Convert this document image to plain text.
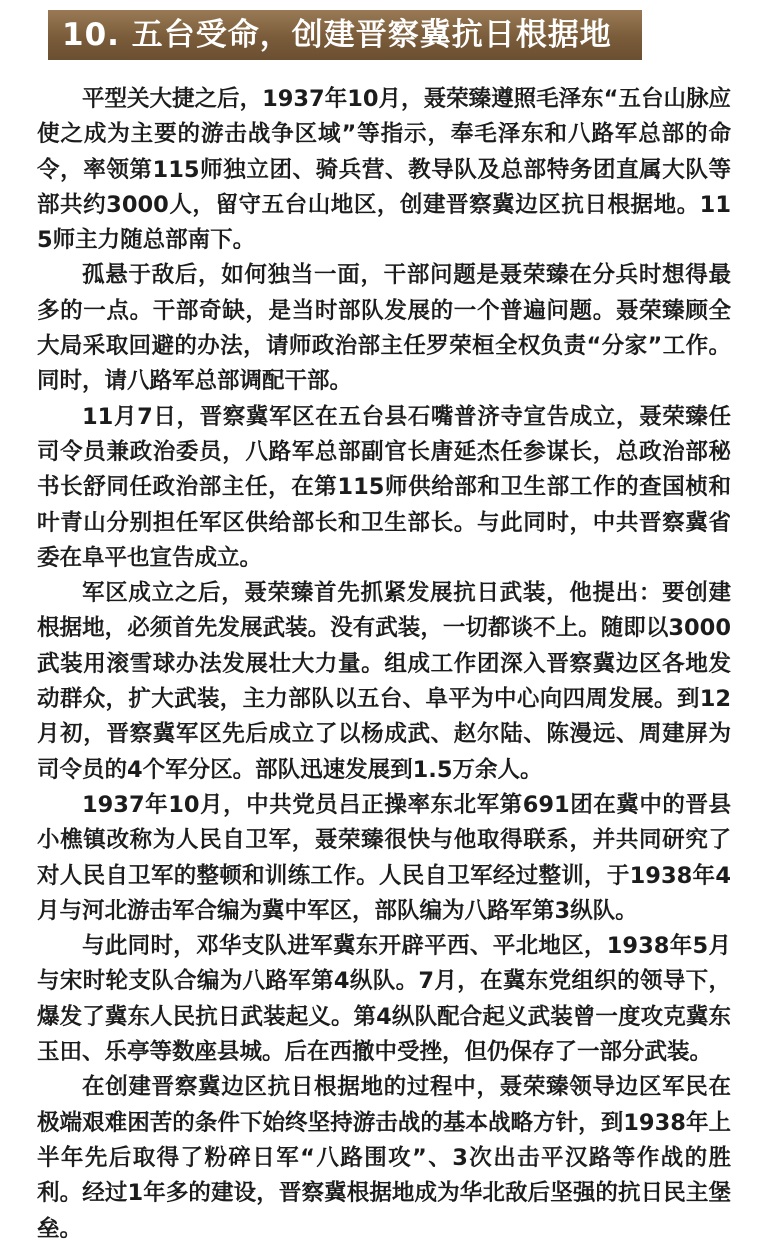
10. 五台受命，创建晋察冀抗日根据地

平型关大捷之后，1937年10月，聂荣臻遵照毛泽东“五台山脉应使之成为主要的游击战争区域”等指示，奉毛泽东和八路军总部的命令，率领第115师独立团、骑兵营、教导队及总部特务团直属大队等部共约3000人，留守五台山地区，创建晋察冀边区抗日根据地。115师主力随总部南下。

孤悬于敌后，如何独当一面，干部问题是聂荣臻在分兵时想得最多的一点。干部奇缺，是当时部队发展的一个普遍问题。聂荣臻顾全大局采取回避的办法，请师政治部主任罗荣桓全权负责“分家”工作。同时，请八路军总部调配干部。

11月7日，晋察冀军区在五台县石嘴普济寺宣告成立，聂荣臻任司令员兼政治委员，八路军总部副官长唐延杰任参谋长，总政治部秘书长舒同任政治部主任，在第115师供给部和卫生部工作的查国桢和叶青山分别担任军区供给部长和卫生部长。与此同时，中共晋察冀省委在阜平也宣告成立。

军区成立之后，聂荣臻首先抓紧发展抗日武装，他提出：要创建根据地，必须首先发展武装。没有武装，一切都谈不上。随即以3000武装用滚雪球办法发展壮大力量。组成工作团深入晋察冀边区各地发动群众，扩大武装，主力部队以五台、阜平为中心向四周发展。到12月初，晋察冀军区先后成立了以杨成武、赵尔陆、陈漫远、周建屏为司令员的4个军分区。部队迅速发展到1.5万余人。

1937年10月，中共党员吕正操率东北军第691团在冀中的晋县小樵镇改称为人民自卫军，聂荣臻很快与他取得联系，并共同研究了对人民自卫军的整顿和训练工作。人民自卫军经过整训，于1938年4月与河北游击军合编为冀中军区，部队编为八路军第3纵队。

与此同时，邓华支队进军冀东开辟平西、平北地区，1938年5月与宋时轮支队合编为八路军第4纵队。7月，在冀东党组织的领导下，爆发了冀东人民抗日武装起义。第4纵队配合起义武装曾一度攻克冀东玉田、乐亭等数座县城。后在西撤中受挫，但仍保存了一部分武装。

在创建晋察冀边区抗日根据地的过程中，聂荣臻领导边区军民在极端艰难困苦的条件下始终坚持游击战的基本战略方针，到1938年上半年先后取得了粉碎日军“八路围攻”、3次出击平汉路等作战的胜利。经过1年多的建设，晋察冀根据地成为华北敌后坚强的抗日民主堡垒。
